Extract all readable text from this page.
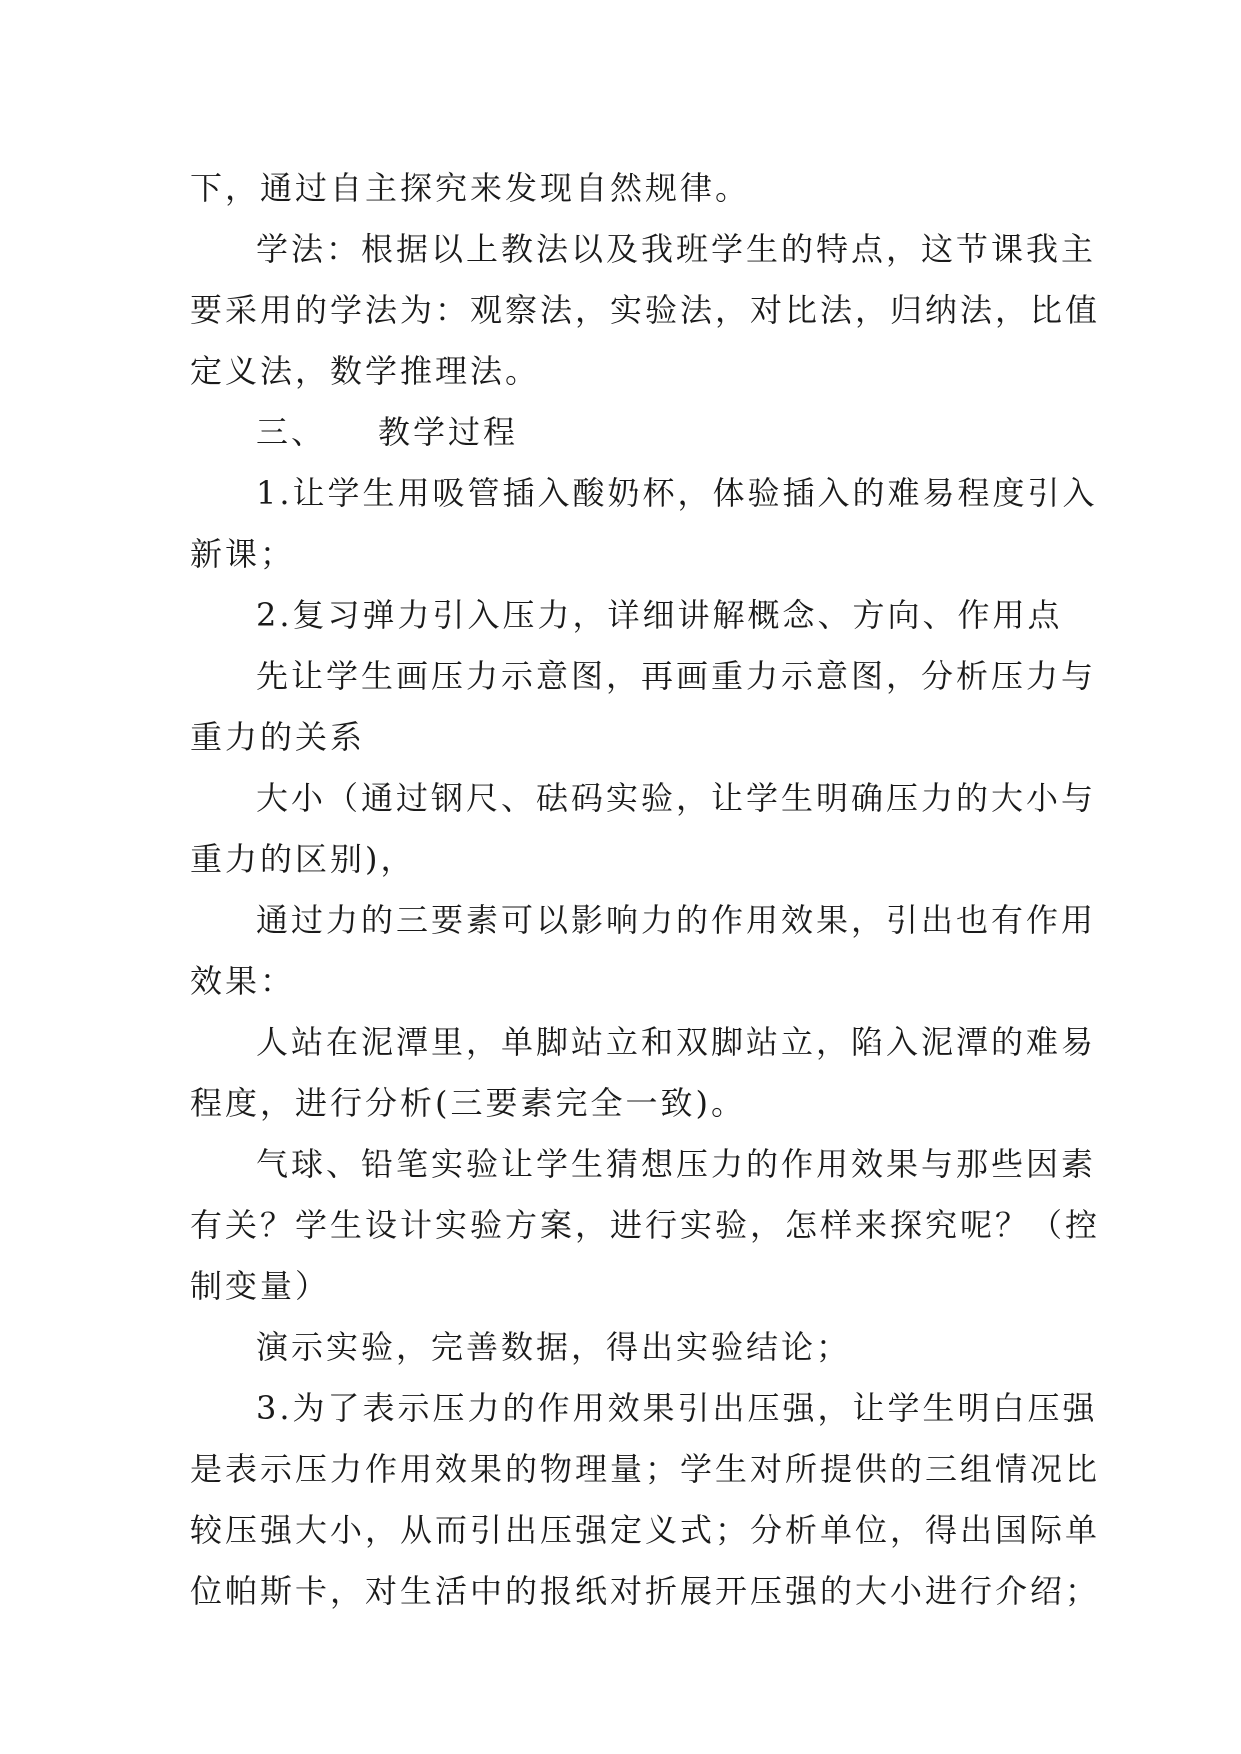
下，通过自主探究来发现自然规律。

学法：根据以上教法以及我班学生的特点，这节课我主

要采用的学法为：观察法，实验法，对比法，归纳法，比值

定义法，数学推理法。

三、 教学过程

1.让学生用吸管插入酸奶杯，体验插入的难易程度引入

新课；

2.复习弹力引入压力，详细讲解概念、方向、作用点

先让学生画压力示意图，再画重力示意图，分析压力与

重力的关系

大小（通过钢尺、砝码实验，让学生明确压力的大小与

重力的区别)，

通过力的三要素可以影响力的作用效果，引出也有作用

效果：

人站在泥潭里，单脚站立和双脚站立，陷入泥潭的难易

程度，进行分析(三要素完全一致)。

气球、铅笔实验让学生猜想压力的作用效果与那些因素

有关？学生设计实验方案，进行实验，怎样来探究呢？（控

制变量）

演示实验，完善数据，得出实验结论；

3.为了表示压力的作用效果引出压强，让学生明白压强

是表示压力作用效果的物理量；学生对所提供的三组情况比

较压强大小，从而引出压强定义式；分析单位，得出国际单

位帕斯卡，对生活中的报纸对折展开压强的大小进行介绍；
